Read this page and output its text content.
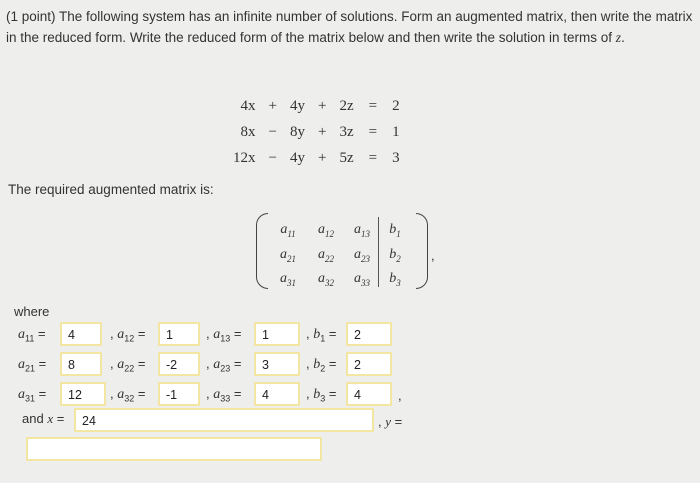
(1 point) The following system has an infinite number of solutions. Form an augmented matrix, then write the matrix in the reduced form. Write the reduced form of the matrix below and then write the solution in terms of z.
4x	+	4y	+	2z	=	2
8x	−	8y	+	3z	=	1
12x	−	4y	+	5z	=	3
The required augmented matrix is:
$a_{11}$	$a_{12}$	$a_{13}$	$b_1$
$a_{21}$	$a_{22}$	$a_{23}$	$b_2$
$a_{31}$	$a_{32}$	$a_{33}$	$b_3$
,
where
$a_{11}$ =	4	, $a_{12}$ =	1	, $a_{13}$ =	1	, $b_1$ =	2
$a_{21}$ =	8	, $a_{22}$ =	-2	, $a_{23}$ =	3	, $b_2$ =	2
$a_{31}$ =	12	, $a_{32}$ =	-1	, $a_{33}$ =	4	, $b_3$ =	4	,
and x =	24	, y =
